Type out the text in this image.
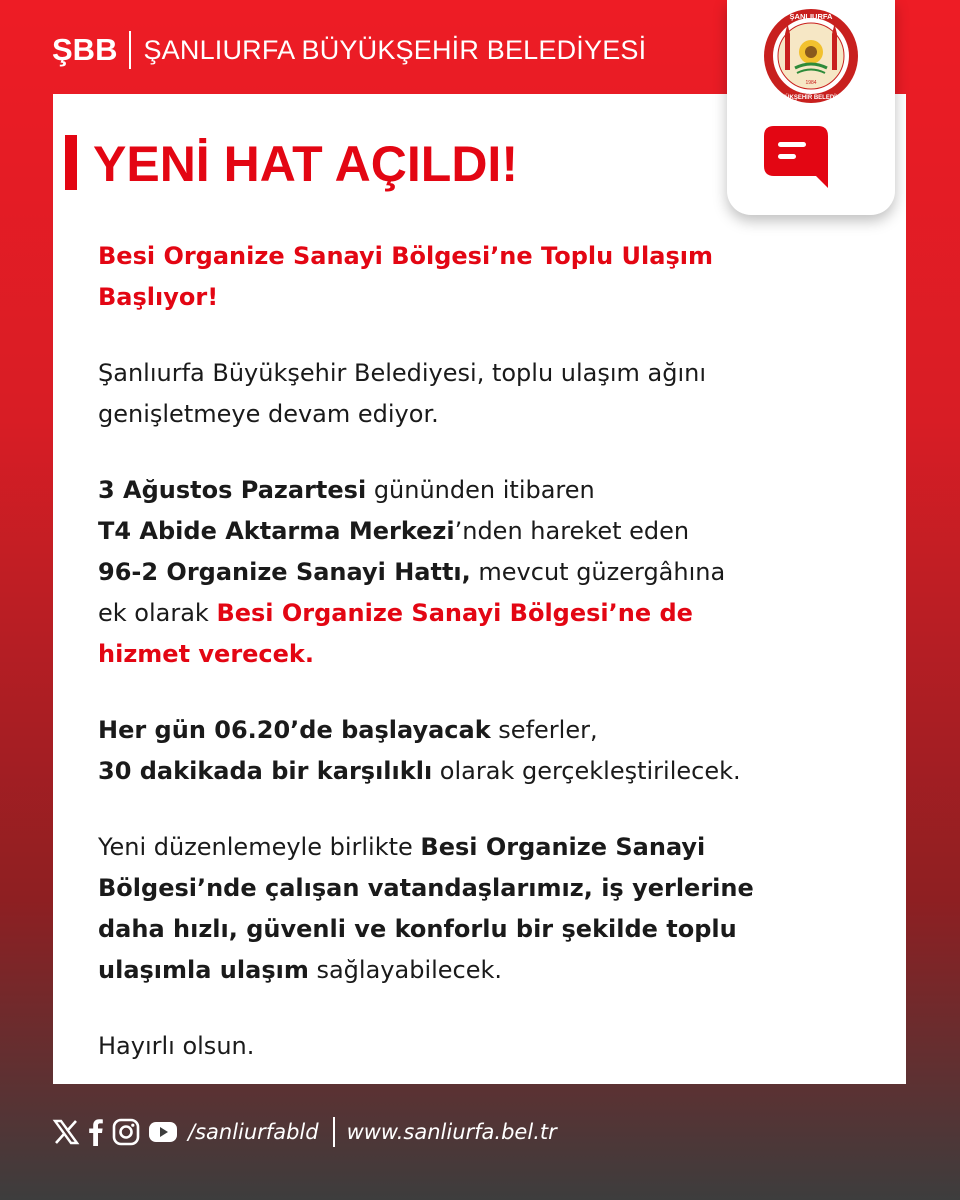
ŞBB ŞANLIURFA BÜYÜKŞEHİR BELEDİYESİ
ŞANLIURFA
BÜYÜKŞEHİR BELEDİYESİ
1984
YENİ HAT AÇILDI!

Besi Organize Sanayi Bölgesi’ne Toplu Ulaşım
Başlıyor!

Şanlıurfa Büyükşehir Belediyesi, toplu ulaşım ağını
genişletmeye devam ediyor.

3 Ağustos Pazartesi gününden itibaren
T4 Abide Aktarma Merkezi’nden hareket eden
96-2 Organize Sanayi Hattı, mevcut güzergâhına
ek olarak Besi Organize Sanayi Bölgesi’ne de
hizmet verecek.

Her gün 06.20’de başlayacak seferler,
30 dakikada bir karşılıklı olarak gerçekleştirilecek.

Yeni düzenlemeyle birlikte Besi Organize Sanayi
Bölgesi’nde çalışan vatandaşlarımız, iş yerlerine
daha hızlı, güvenli ve konforlu bir şekilde toplu
ulaşımla ulaşım sağlayabilecek.

Hayırlı olsun.

/sanliurfabld www.sanliurfa.bel.tr
